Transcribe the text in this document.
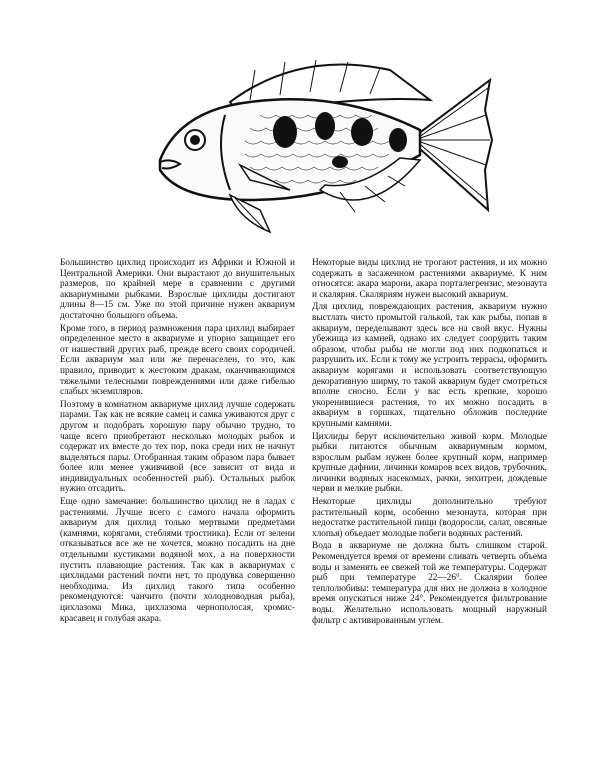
Большинство цихлид происходит из Африки и Южной и Центральной Америки. Они вырастают до внушительных размеров, по крайней мере в сравнении с другими аквариумными рыбками. Взрослые цихлиды достигают длины 8—15 см. Уже по этой причине нужен аквариум достаточно большого объема.

Кроме того, в период размножения пара цихлид выбирает определенное место в аквариуме и упорно защищает его от нашествий других рыб, прежде всего своих сородичей. Если аквариум мал или же перенаселен, то это, как правило, приводит к жестоким дракам, оканчивающимся тяжелыми телесными повреждениями или даже гибелью слабых экземпляров.

Поэтому в комнатном аквариуме цихлид лучше содержать парами. Так как не всякие самец и самка уживаются друг с другом и подобрать хорошую пару обычно трудно, то чаще всего приобретают несколько молодых рыбок и содержат их вместе до тех пор, пока среди них не начнут выделяться пары. Отобранная таким образом пара бывает более или менее уживчивой (все зависит от вида и индивидуальных особенностей рыб). Остальных рыбок нужно отсадить.

Еще одно замечание: большинство цихлид не в ладах с растениями. Лучше всего с самого начала оформить аквариум для цихлид только мертвыми предметами (камнями, корягами, стеблями тростника). Если от зелени отказываться все же не хочется, можно посадить на дне отдельными кустиками водяной мох, а на поверхности пустить плавающие растения. Так как в аквариумах с цихлидами растений почти нет, то продувка совершенно необходима. Из цихлид такого типа особенно рекомендуются: чанчито (почти холодноводная рыба), цихлазома Мика, цихлазома чернополосая, хромис-красавец и голубая акара.

Некоторые виды цихлид не трогают растения, и их можно содержать в засаженном растениями аквариуме. К ним относятся: акара марони, акара порталегрензис, мезонаута и скалярия. Скаляриям нужен высокий аквариум.

Для цихлид, повреждающих растения, аквариум нужно выстлать чисто промытой галькой, так как рыбы, попав в аквариум, переделывают здесь все на свой вкус. Нужны убежища из камней, однако их следует соорудить таким образом, чтобы рыбы не могли под них подкопаться и разрушить их. Если к тому же устроить террасы, оформить аквариум корягами и использовать соответствующую декоративную ширму, то такой аквариум будет смотреться вполне сносно. Если у вас есть крепкие, хорошо укоренившиеся растения, то их можно посадить в аквариум в горшках, тщательно обложив последние крупными камнями.

Цихлиды берут исключительно живой корм. Молодые рыбки питаются обычным аквариумным кормом, взрослым рыбам нужен более крупный корм, например крупные дафнии, личинки комаров всех видов, трубочник, личинки водяных насекомых, рачки, энхитреи, дождевые черви и мелкие рыбки.

Некоторые цихлиды дополнительно требуют растительный корм, особенно мезонаута, которая при недостатке растительной пищи (водоросли, салат, овсяные хлопья) объедает молодые побеги водяных растений.

Вода в аквариуме не должна быть слишком старой. Рекомендуется время от времени сливать четверть объема воды и заменять ее свежей той же температуры. Содержат рыб при температуре 22—26°. Скалярии более теплолюбивы: температура для них не должна в холодное время опускаться ниже 24°. Рекомендуется фильтрование воды. Желательно использовать мощный наружный фильтр с активированным углем.
